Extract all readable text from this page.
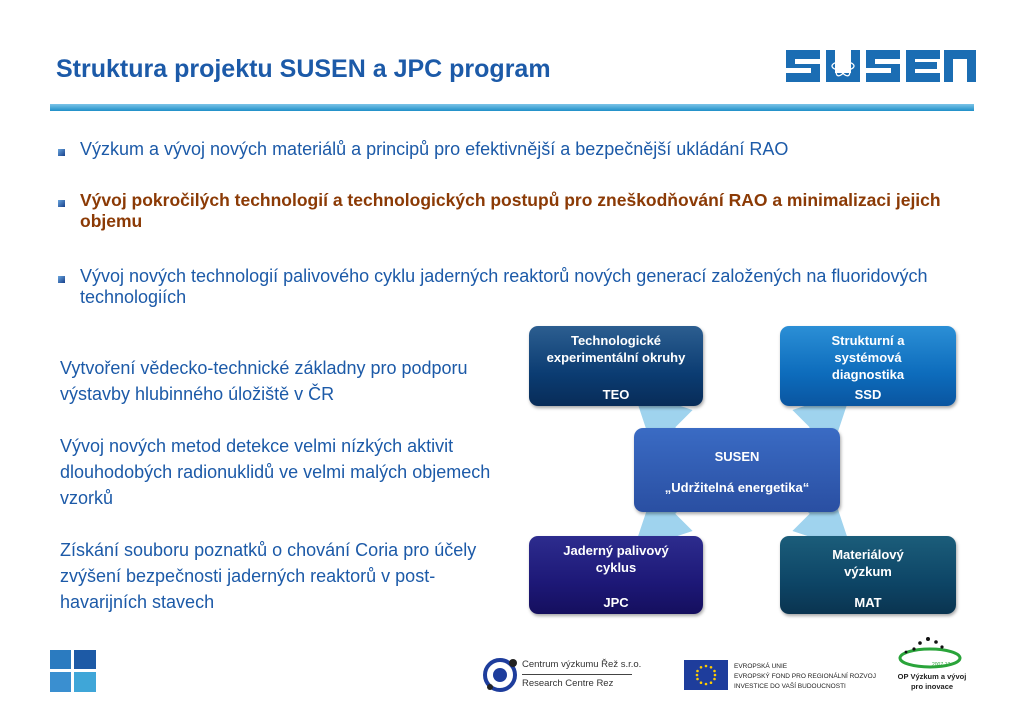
Struktura projektu SUSEN a JPC program
Výzkum a vývoj nových materiálů a principů pro efektivnější a bezpečnější ukládání RAO
Vývoj pokročilých technologií a technologických postupů pro zneškodňování RAO a minimalizaci jejich objemu
Vývoj nových technologií palivového cyklu jaderných reaktorů nových generací založených na fluoridových technologiích

Vytvoření vědecko-technické základny pro podporu výstavby hlubinného úložiště v ČR

Vývoj nových metod detekce velmi nízkých aktivit dlouhodobých radionuklidů ve velmi malých objemech vzorků

Získání souboru poznatků o chování Coria pro účely zvýšení bezpečnosti jaderných reaktorů v post-havarijních stavech

Technologické experimentální okruhy
TEO
Strukturní a systémová diagnostika
SSD
SUSEN
„Udržitelná energetika“
Jaderný palivový cyklus
JPC
Materiálový výzkum
MAT
Centrum výzkumu Řež s.r.o.
Research Centre Rez
EVROPSKÁ UNIE
EVROPSKÝ FOND PRO REGIONÁLNÍ ROZVOJ
INVESTICE DO VAŠÍ BUDOUCNOSTI
2007-13
OP Výzkum a vývoj
pro inovace
